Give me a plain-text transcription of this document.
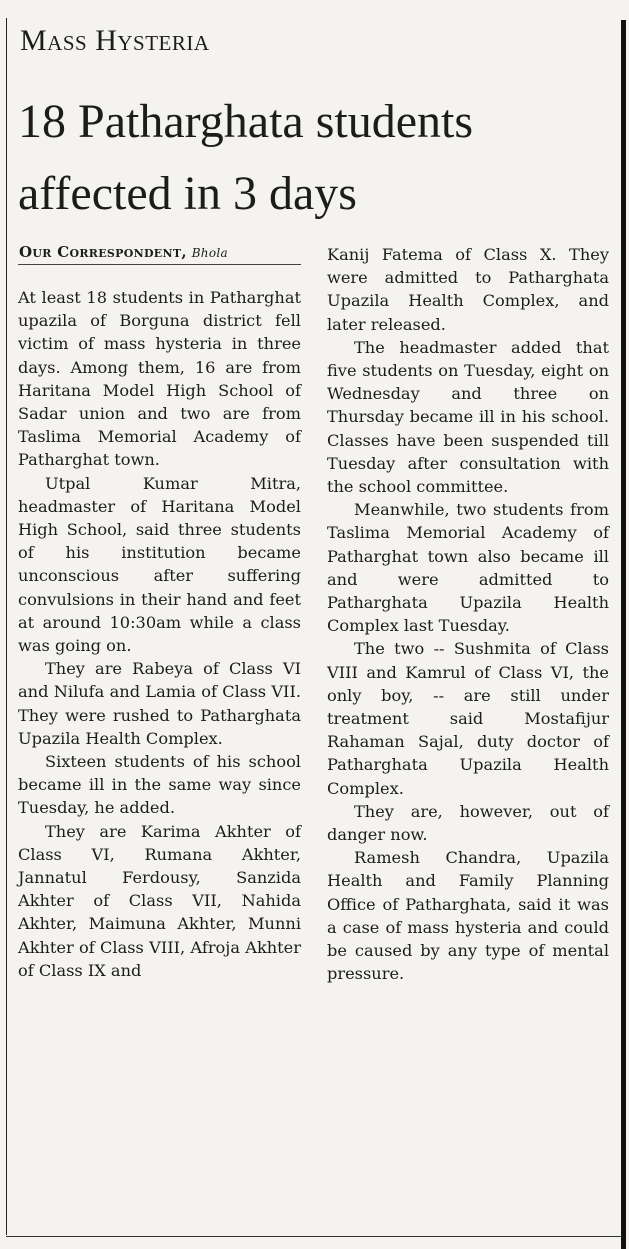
Mass Hysteria
18 Patharghata students affected in 3 days
Our Correspondent, Bhola

At least 18 students in Patharghat upazila of Borguna district fell victim of mass hysteria in three days. Among them, 16 are from Haritana Model High School of Sadar union and two are from Taslima Memorial Academy of Patharghat town.

Utpal Kumar Mitra, headmaster of Haritana Model High School, said three students of his institution became unconscious after suffering convulsions in their hand and feet at around 10:30am while a class was going on.

They are Rabeya of Class VI and Nilufa and Lamia of Class VII. They were rushed to Patharghata Upazila Health Complex.

Sixteen students of his school became ill in the same way since Tuesday, he added.

They are Karima Akhter of Class VI, Rumana Akhter, Jannatul Ferdousy, Sanzida Akhter of Class VII, Nahida Akhter, Maimuna Akhter, Munni Akhter of Class VIII, Afroja Akhter of Class IX and

Kanij Fatema of Class X. They were admitted to Patharghata Upazila Health Complex, and later released.

The headmaster added that five students on Tuesday, eight on Wednesday and three on Thursday became ill in his school. Classes have been suspended till Tuesday after consultation with the school committee.

Meanwhile, two students from Taslima Memorial Academy of Patharghat town also became ill and were admitted to Patharghata Upazila Health Complex last Tuesday.

The two -- Sushmita of Class VIII and Kamrul of Class VI, the only boy, -- are still under treatment said Mostafijur Rahaman Sajal, duty doctor of Patharghata Upazila Health Complex.

They are, however, out of danger now.

Ramesh Chandra, Upazila Health and Family Planning Office of Patharghata, said it was a case of mass hysteria and could be caused by any type of mental pressure.
